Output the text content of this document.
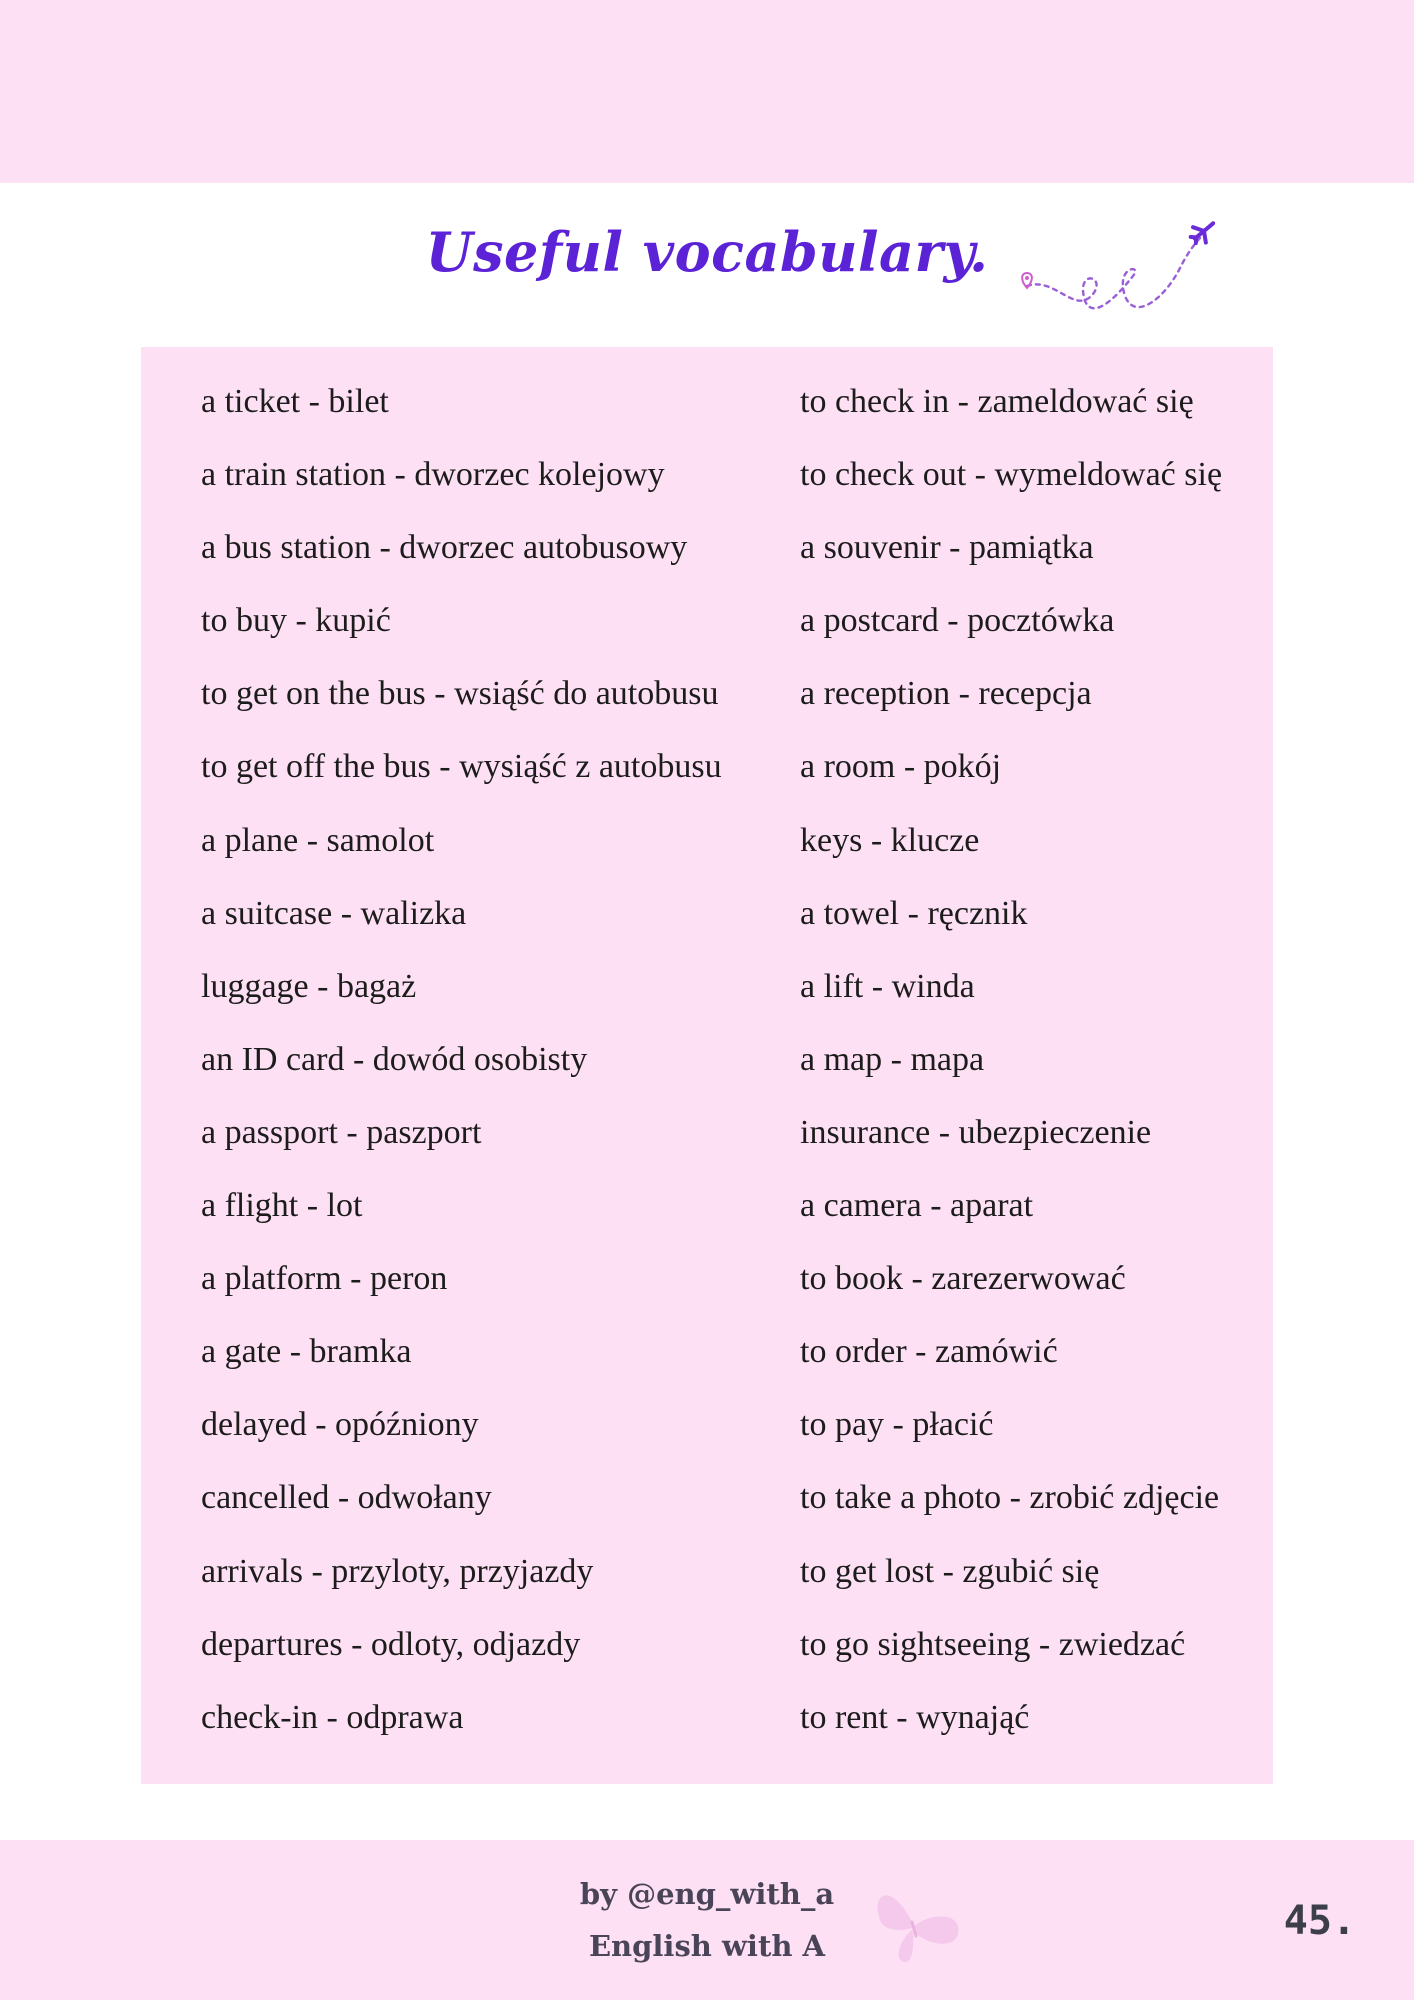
Useful vocabulary.
a ticket - bilet
a train station - dworzec kolejowy
a bus station - dworzec autobusowy
to buy - kupić
to get on the bus - wsiąść do autobusu
to get off the bus - wysiąść z autobusu
a plane - samolot
a suitcase - walizka
luggage - bagaż
an ID card - dowód osobisty
a passport - paszport
a flight - lot
a platform - peron
a gate - bramka
delayed - opóźniony
cancelled - odwołany
arrivals - przyloty, przyjazdy
departures - odloty, odjazdy
check-in - odprawa
to check in - zameldować się
to check out - wymeldować się
a souvenir - pamiątka
a postcard - pocztówka
a reception - recepcja
a room - pokój
keys - klucze
a towel - ręcznik
a lift - winda
a map - mapa
insurance - ubezpieczenie
a camera - aparat
to book - zarezerwować
to order - zamówić
to pay - płacić
to take a photo - zrobić zdjęcie
to get lost - zgubić się
to go sightseeing - zwiedzać
to rent - wynająć
by @eng_with_a
English with A
45.
